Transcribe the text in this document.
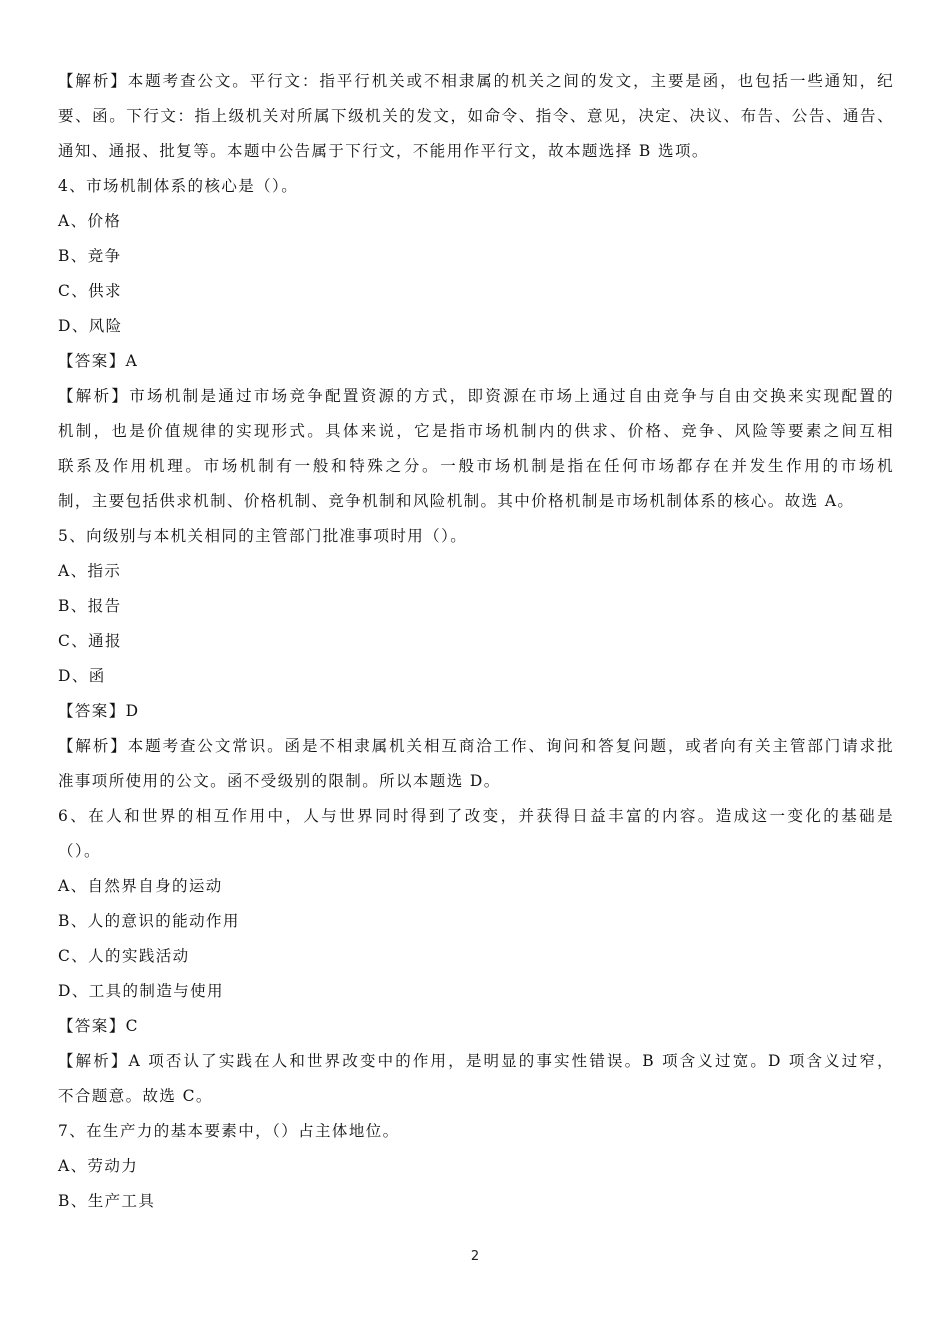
【解析】本题考查公文。平行文：指平行机关或不相隶属的机关之间的发文，主要是函，也包括一些通知，纪
要、函。下行文：指上级机关对所属下级机关的发文，如命令、指令、意见，决定、决议、布告、公告、通告、
通知、通报、批复等。本题中公告属于下行文，不能用作平行文，故本题选择 B 选项。
4、市场机制体系的核心是（）。
A、价格
B、竞争
C、供求
D、风险
【答案】A
【解析】市场机制是通过市场竞争配置资源的方式，即资源在市场上通过自由竞争与自由交换来实现配置的
机制，也是价值规律的实现形式。具体来说，它是指市场机制内的供求、价格、竞争、风险等要素之间互相
联系及作用机理。市场机制有一般和特殊之分。一般市场机制是指在任何市场都存在并发生作用的市场机
制，主要包括供求机制、价格机制、竞争机制和风险机制。其中价格机制是市场机制体系的核心。故选 A。
5、向级别与本机关相同的主管部门批准事项时用（）。
A、指示
B、报告
C、通报
D、函
【答案】D
【解析】本题考查公文常识。函是不相隶属机关相互商洽工作、询问和答复问题，或者向有关主管部门请求批
准事项所使用的公文。函不受级别的限制。所以本题选 D。
6、在人和世界的相互作用中，人与世界同时得到了改变，并获得日益丰富的内容。造成这一变化的基础是
（）。
A、自然界自身的运动
B、人的意识的能动作用
C、人的实践活动
D、工具的制造与使用
【答案】C
【解析】A 项否认了实践在人和世界改变中的作用，是明显的事实性错误。B 项含义过宽。D 项含义过窄，
不合题意。故选 C。
7、在生产力的基本要素中，（）占主体地位。
A、劳动力
B、生产工具
2
